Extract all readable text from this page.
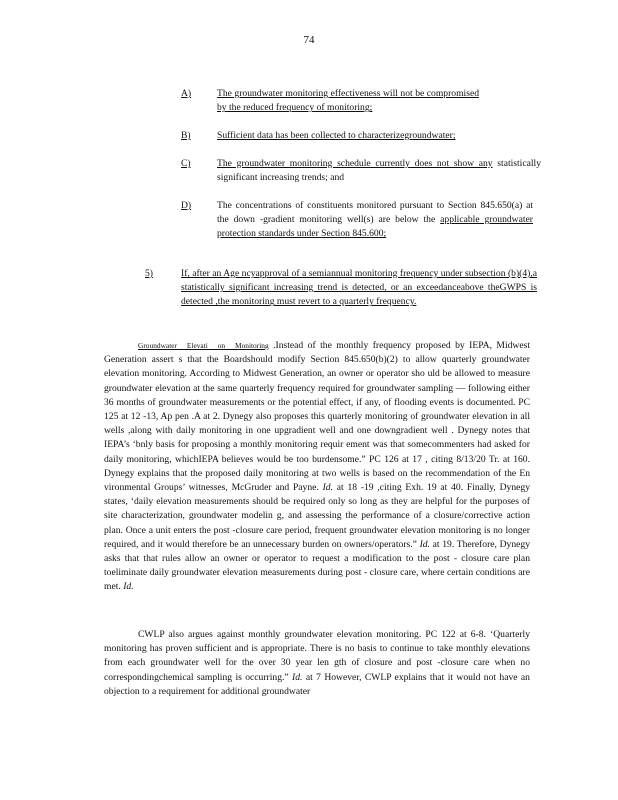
74
A)	The groundwater monitoring effectiveness will not be compromised by the reduced frequency of monitoring;
B)	Sufficient data has been collected to characterizegroundwater;
C)	The groundwater monitoring schedule currently does not show any statistically significant increasing trends; and
D)	The concentrations of constituents monitored pursuant to Section 845.650(a) at the down -gradient monitoring well(s) are below the applicable groundwater protection standards under Section 845.600;
5)	If, after an Age ncyapproval of a semiannual monitoring frequency under subsection (b)(4),a statistically significant increasing trend is detected, or an exceedanceabove theGWPS is detected ,the monitoring must revert to a quarterly frequency.
Groundwater Elevati on Monitoring .Instead of the monthly frequency proposed by IEPA, Midwest Generation assert s that the Boardshould modify Section 845.650(b)(2) to allow quarterly groundwater elevation monitoring. According to Midwest Generation, an owner or operator sho uld be allowed to measure groundwater elevation at the same quarterly frequency required for groundwater sampling — following either 36 months of groundwater measurements or the potential effect, if any, of flooding events is documented. PC 125 at 12 -13, Ap pen .A at 2. Dynegy also proposes this quarterly monitoring of groundwater elevation in all wells ,along with daily monitoring in one upgradient well and one downgradient well . Dynegy notes that IEPA’s ‘bnly basis for proposing a monthly monitoring requir ement was that somecommenters had asked for daily monitoring, whichIEPA believes would be too burdensome.” PC 126 at 17 , citing 8/13/20 Tr. at 160. Dynegy explains that the proposed daily monitoring at two wells is based on the recommendation of the En vironmental Groups’ witnesses, McGruder and Payne. Id. at 18 -19 ,citing Exh. 19 at 40. Finally, Dynegy states, ‘daily elevation measurements should be required only so long as they are helpful for the purposes of site characterization, groundwater modelin g, and assessing the performance of a closure/corrective action plan. Once a unit enters the post -closure care period, frequent groundwater elevation monitoring is no longer required, and it would therefore be an unnecessary burden on owners/operators.” Id. at 19. Therefore, Dynegy asks that that rules allow an owner or operator to request a modification to the post - closure care plan toeliminate daily groundwater elevation measurements during post - closure care, where certain conditions are met. Id.
CWLP also argues against monthly groundwater elevation monitoring. PC 122 at 6-8. ‘Quarterly monitoring has proven sufficient and is appropriate. There is no basis to continue to take monthly elevations from each groundwater well for the over 30 year len gth of closure and post -closure care when no correspondingchemical sampling is occurring.” Id. at 7 However, CWLP explains that it would not have an objection to a requirement for additional groundwater
